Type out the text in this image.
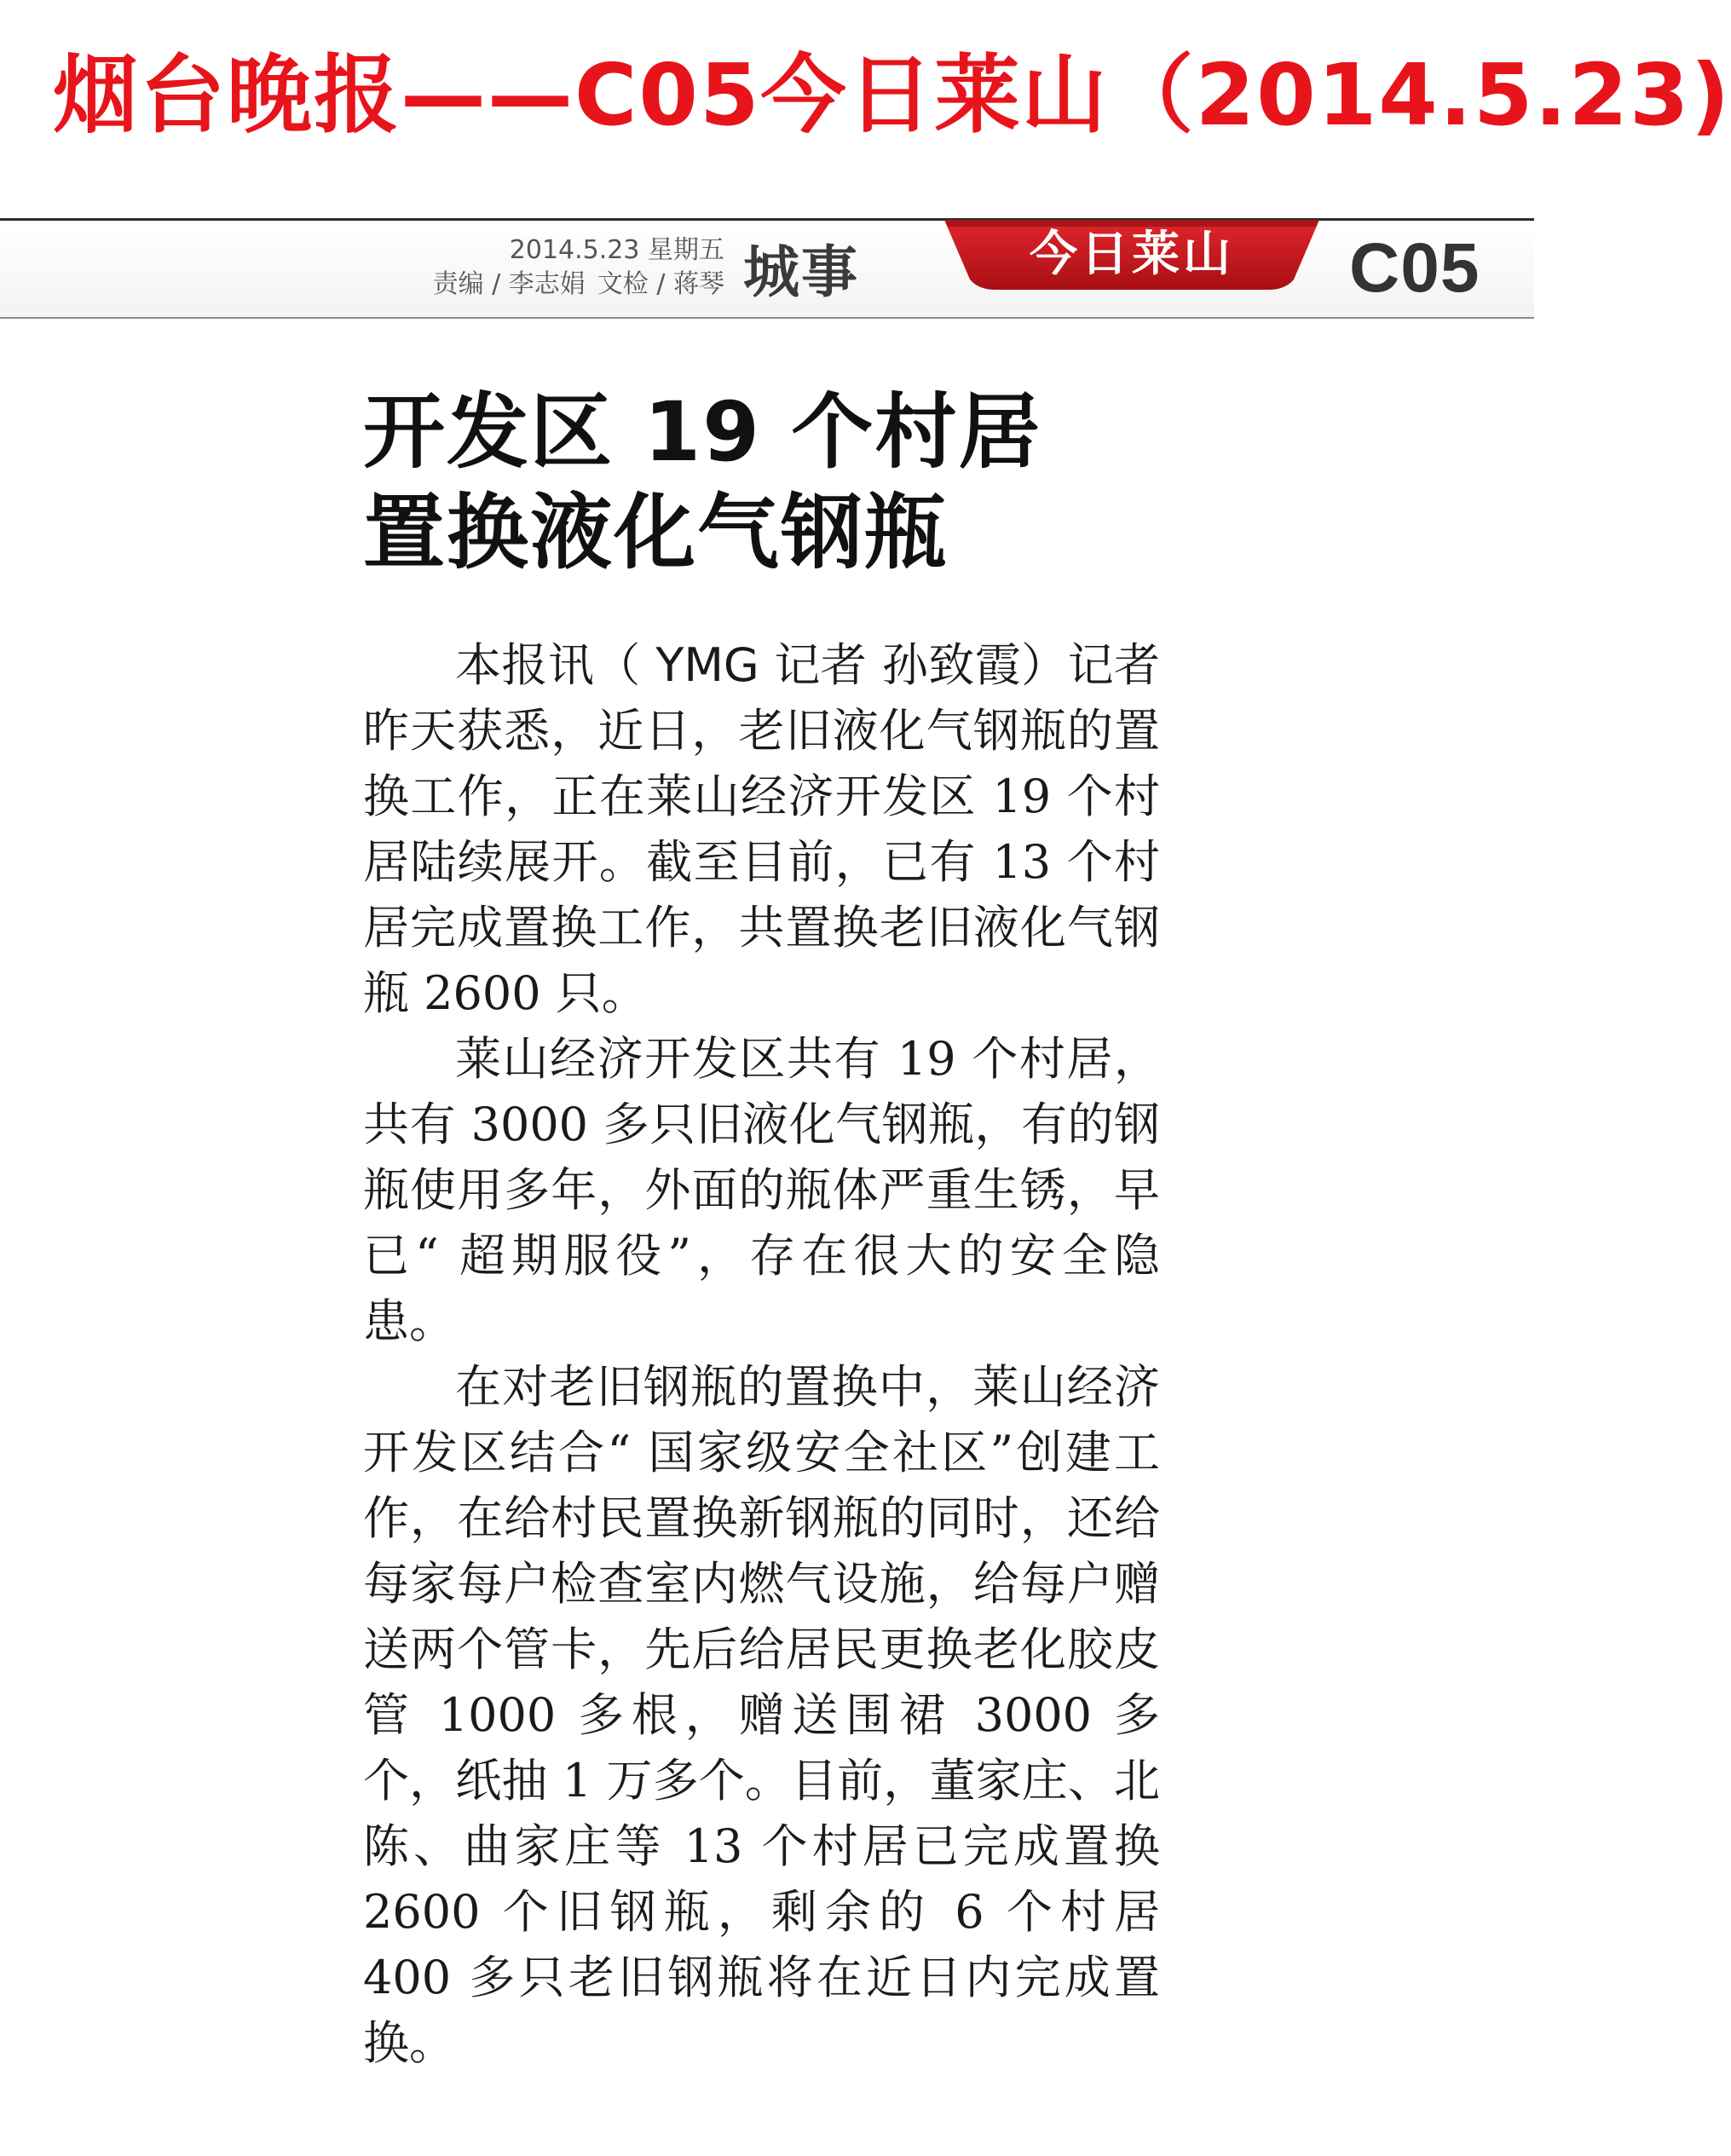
烟台晚报——C05今日莱山（2014.5.23)
2014.5.23 星期五
责编 / 李志娟 文检 / 蒋琴 城事	今日莱山	C05
开发区 19 个村居
置换液化气钢瓶

本报讯（ YMG 记者 孙致霞）记者昨天获悉，近日，老旧液化气钢瓶的置换工作，正在莱山经济开发区 19 个村居陆续展开。截至目前，已有 13 个村居完成置换工作，共置换老旧液化气钢瓶 2600 只。

莱山经济开发区共有 19 个村居，共有 3000 多只旧液化气钢瓶，有的钢瓶使用多年，外面的瓶体严重生锈，早已“ 超期服役”，存在很大的安全隐患。

在对老旧钢瓶的置换中，莱山经济开发区结合“ 国家级安全社区”创建工作，在给村民置换新钢瓶的同时，还给每家每户检查室内燃气设施，给每户赠送两个管卡，先后给居民更换老化胶皮管 1000 多根，赠送围裙 3000 多个，纸抽 1 万多个。目前，董家庄、北陈、曲家庄等 13 个村居已完成置换 2600 个旧钢瓶，剩余的 6 个村居 400 多只老旧钢瓶将在近日内完成置换。
